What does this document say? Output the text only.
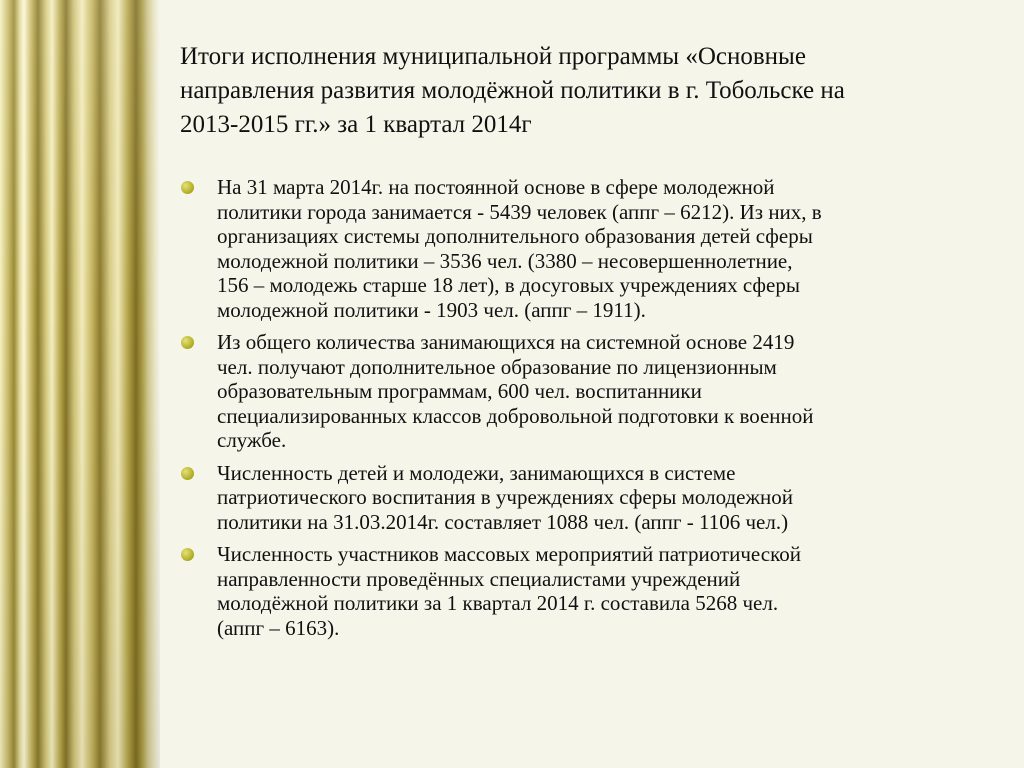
Итоги исполнения муниципальной программы «Основные
направления развития молодёжной политики в г. Тобольске на
2013-2015 гг.» за 1 квартал 2014г
На 31 марта 2014г. на постоянной основе в сфере молодежной
политики города занимается - 5439 человек (аппг – 6212). Из них, в
организациях системы дополнительного образования детей сферы
молодежной политики – 3536 чел. (3380 – несовершеннолетние,
156 – молодежь старше 18 лет), в досуговых учреждениях сферы
молодежной политики - 1903 чел. (аппг – 1911).
Из общего количества занимающихся на системной основе 2419
чел. получают дополнительное образование по лицензионным
образовательным программам, 600 чел. воспитанники
специализированных классов добровольной подготовки к военной
службе.
Численность детей и молодежи, занимающихся в системе
патриотического воспитания в учреждениях сферы молодежной
политики на 31.03.2014г. составляет 1088 чел. (аппг - 1106 чел.)
Численность участников массовых мероприятий патриотической
направленности проведённых специалистами учреждений
молодёжной политики за 1 квартал 2014 г. составила 5268 чел.
(аппг – 6163).
